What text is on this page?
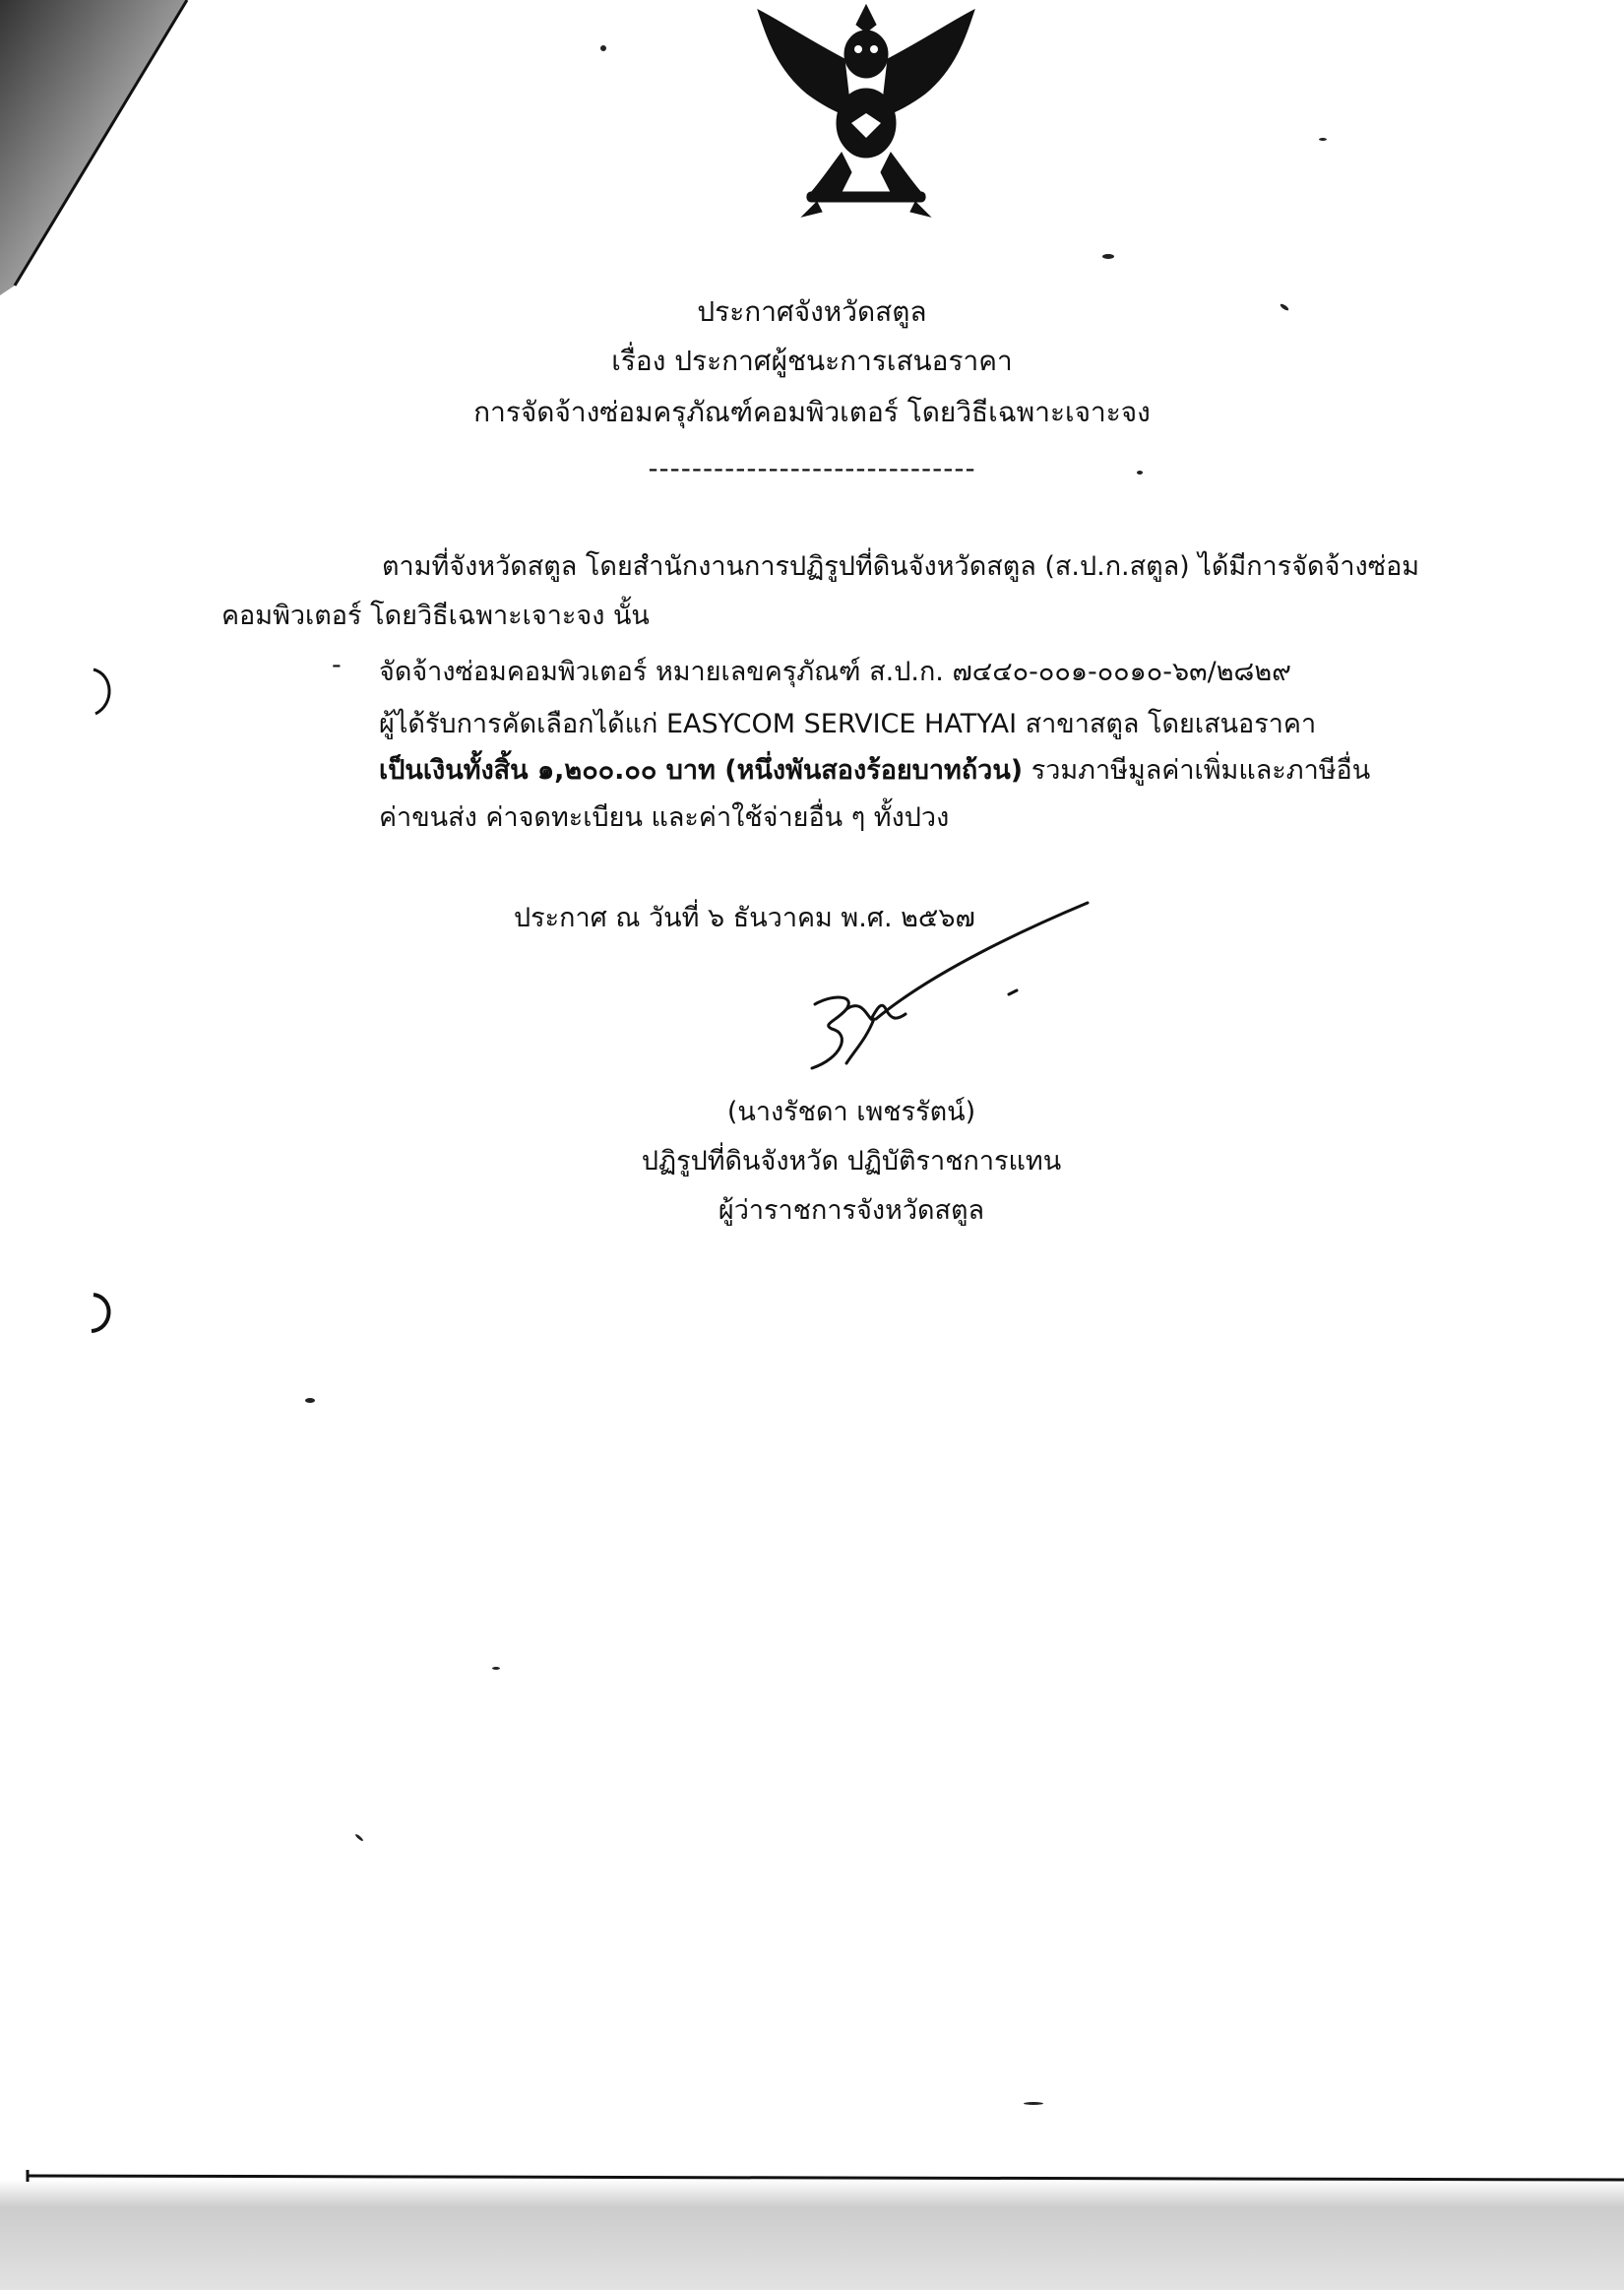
ประกาศจังหวัดสตูล
เรื่อง ประกาศผู้ชนะการเสนอราคา
การจัดจ้างซ่อมครุภัณฑ์คอมพิวเตอร์ โดยวิธีเฉพาะเจาะจง
------------------------------
ตามที่จังหวัดสตูล โดยสำนักงานการปฏิรูปที่ดินจังหวัดสตูล (ส.ป.ก.สตูล) ได้มีการจัดจ้างซ่อม
คอมพิวเตอร์ โดยวิธีเฉพาะเจาะจง นั้น
- จัดจ้างซ่อมคอมพิวเตอร์ หมายเลขครุภัณฑ์ ส.ป.ก. ๗๔๔๐-๐๐๑-๐๐๑๐-๖๓/๒๘๒๙
ผู้ได้รับการคัดเลือกได้แก่ EASYCOM SERVICE HATYAI สาขาสตูล โดยเสนอราคา
เป็นเงินทั้งสิ้น ๑,๒๐๐.๐๐ บาท (หนึ่งพันสองร้อยบาทถ้วน) รวมภาษีมูลค่าเพิ่มและภาษีอื่น
ค่าขนส่ง ค่าจดทะเบียน และค่าใช้จ่ายอื่น ๆ ทั้งปวง
ประกาศ ณ วันที่ ๖ ธันวาคม พ.ศ. ๒๕๖๗
(นางรัชดา เพชรรัตน์)
ปฏิรูปที่ดินจังหวัด ปฏิบัติราชการแทน
ผู้ว่าราชการจังหวัดสตูล
